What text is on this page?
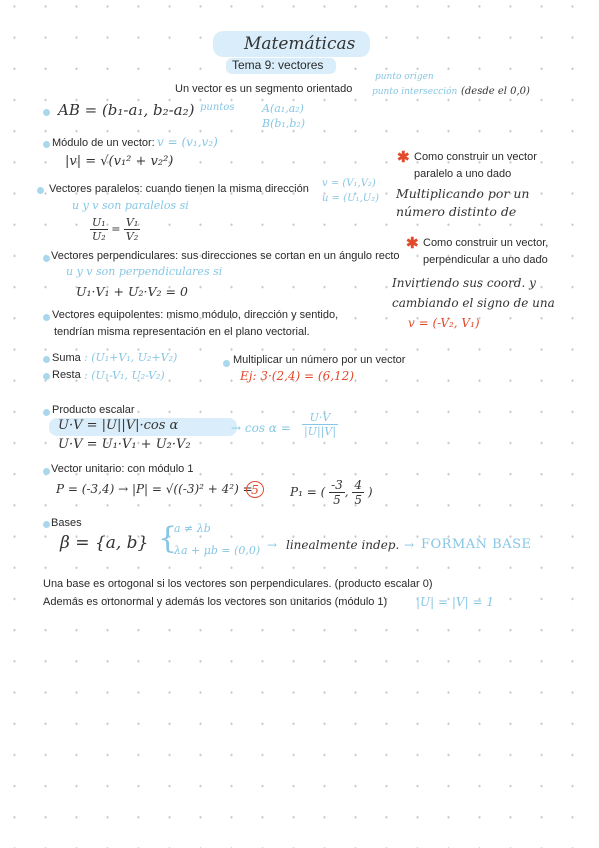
Matemáticas
Tema 9: vectores
Un vector es un segmento orientado
punto origen
punto intersección (desde el 0,0)
AB = (b₁-a₁, b₂-a₂) puntos	A(a₁,a₂)
B(b₁,b₂)
Módulo de un vector: v = (v₁,v₂)
|v| = √(v₁² + v₂²)
Vectores paralelos: cuando tienen la misma dirección
u y v son paralelos si
v = (V₁,V₂)
u = (U₁,U₂)
$\frac{\text{U₁}}{\text{U₂}} = \frac{\text{V₁}}{\text{V₂}}$
✱ Como construir un vector
paralelo a uno dado
Multiplicando por un
número distinto de
Vectores perpendiculares: sus direcciones se cortan en un ángulo recto
u y v son perpendiculares si
U₁·V₁ + U₂·V₂ = 0
✱ Como construir un vector,
perpendicular a uno dado
Invirtiendo sus coord. y
cambiando el signo de una
v = (-V₂, V₁)
Vectores equipolentes: mismo módulo, dirección y sentido,
tendrían misma representación en el plano vectorial.
Suma : (U₁+V₁, U₂+V₂)
Resta : (U₁-V₁, U₂-V₂)
Multiplicar un número por un vector
Ej: 3·(2,4) = (6,12)
Producto escalar
U·V = |U||V|·cos α
U·V = U₁·V₁ + U₂·V₂
→ $\cos \alpha = \frac{U\cdot V}{|U||V|}$
Vector unitario: con módulo 1
P = (-3,4) → |P| = √((-3)² + 4²) =
5	P₁ = ( $\frac{-3}{5}$ , $\frac{4}{5}$ )
Bases
β = {a, b} {
a ≠ λb
λa + μb = (0,0) → linealmente indep. → FORMAN BASE
Una base es ortogonal si los vectores son perpendiculares. (producto escalar 0)
Además es ortonormal y además los vectores son unitarios (módulo 1) |U| = |V| = 1
